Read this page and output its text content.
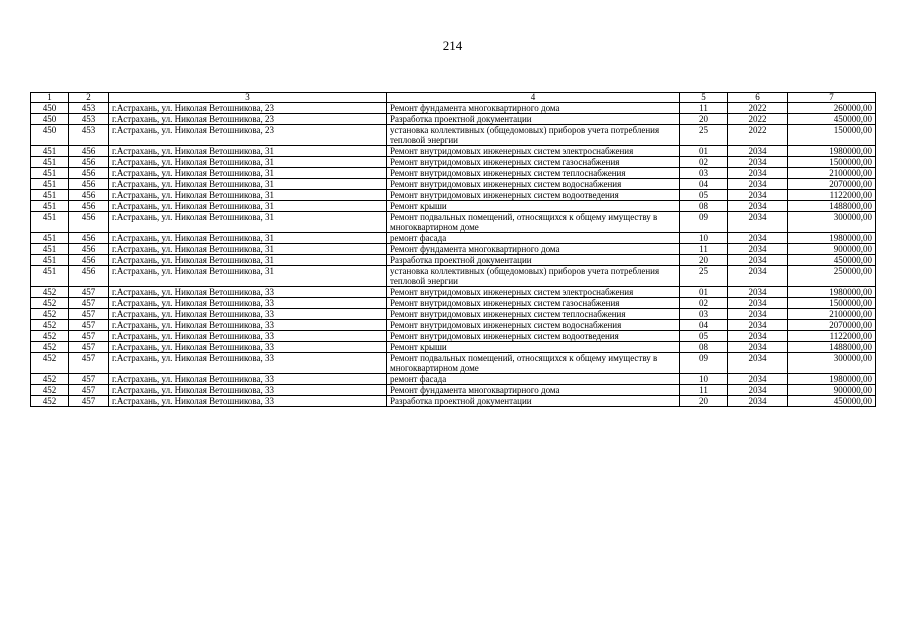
214
1	2	3	4	5	6	7
450	453	г.Астрахань, ул. Николая Ветошникова, 23	Ремонт фундамента многоквартирного дома	11	2022	260000,00
450	453	г.Астрахань, ул. Николая Ветошникова, 23	Разработка проектной документации	20	2022	450000,00
450	453	г.Астрахань, ул. Николая Ветошникова, 23	установка коллективных (общедомовых) приборов учета потребления тепловой энергии	25	2022	150000,00
451	456	г.Астрахань, ул. Николая Ветошникова, 31	Ремонт внутридомовых инженерных систем электроснабжения	01	2034	1980000,00
451	456	г.Астрахань, ул. Николая Ветошникова, 31	Ремонт внутридомовых инженерных систем газоснабжения	02	2034	1500000,00
451	456	г.Астрахань, ул. Николая Ветошникова, 31	Ремонт внутридомовых инженерных систем теплоснабжения	03	2034	2100000,00
451	456	г.Астрахань, ул. Николая Ветошникова, 31	Ремонт внутридомовых инженерных систем водоснабжения	04	2034	2070000,00
451	456	г.Астрахань, ул. Николая Ветошникова, 31	Ремонт внутридомовых инженерных систем водоотведения	05	2034	1122000,00
451	456	г.Астрахань, ул. Николая Ветошникова, 31	Ремонт крыши	08	2034	1488000,00
451	456	г.Астрахань, ул. Николая Ветошникова, 31	Ремонт подвальных помещений, относящихся к общему имуществу в многоквартирном доме	09	2034	300000,00
451	456	г.Астрахань, ул. Николая Ветошникова, 31	ремонт фасада	10	2034	1980000,00
451	456	г.Астрахань, ул. Николая Ветошникова, 31	Ремонт фундамента многоквартирного дома	11	2034	900000,00
451	456	г.Астрахань, ул. Николая Ветошникова, 31	Разработка проектной документации	20	2034	450000,00
451	456	г.Астрахань, ул. Николая Ветошникова, 31	установка коллективных (общедомовых) приборов учета потребления тепловой энергии	25	2034	250000,00
452	457	г.Астрахань, ул. Николая Ветошникова, 33	Ремонт внутридомовых инженерных систем электроснабжения	01	2034	1980000,00
452	457	г.Астрахань, ул. Николая Ветошникова, 33	Ремонт внутридомовых инженерных систем газоснабжения	02	2034	1500000,00
452	457	г.Астрахань, ул. Николая Ветошникова, 33	Ремонт внутридомовых инженерных систем теплоснабжения	03	2034	2100000,00
452	457	г.Астрахань, ул. Николая Ветошникова, 33	Ремонт внутридомовых инженерных систем водоснабжения	04	2034	2070000,00
452	457	г.Астрахань, ул. Николая Ветошникова, 33	Ремонт внутридомовых инженерных систем водоотведения	05	2034	1122000,00
452	457	г.Астрахань, ул. Николая Ветошникова, 33	Ремонт крыши	08	2034	1488000,00
452	457	г.Астрахань, ул. Николая Ветошникова, 33	Ремонт подвальных помещений, относящихся к общему имуществу в многоквартирном доме	09	2034	300000,00
452	457	г.Астрахань, ул. Николая Ветошникова, 33	ремонт фасада	10	2034	1980000,00
452	457	г.Астрахань, ул. Николая Ветошникова, 33	Ремонт фундамента многоквартирного дома	11	2034	900000,00
452	457	г.Астрахань, ул. Николая Ветошникова, 33	Разработка проектной документации	20	2034	450000,00
